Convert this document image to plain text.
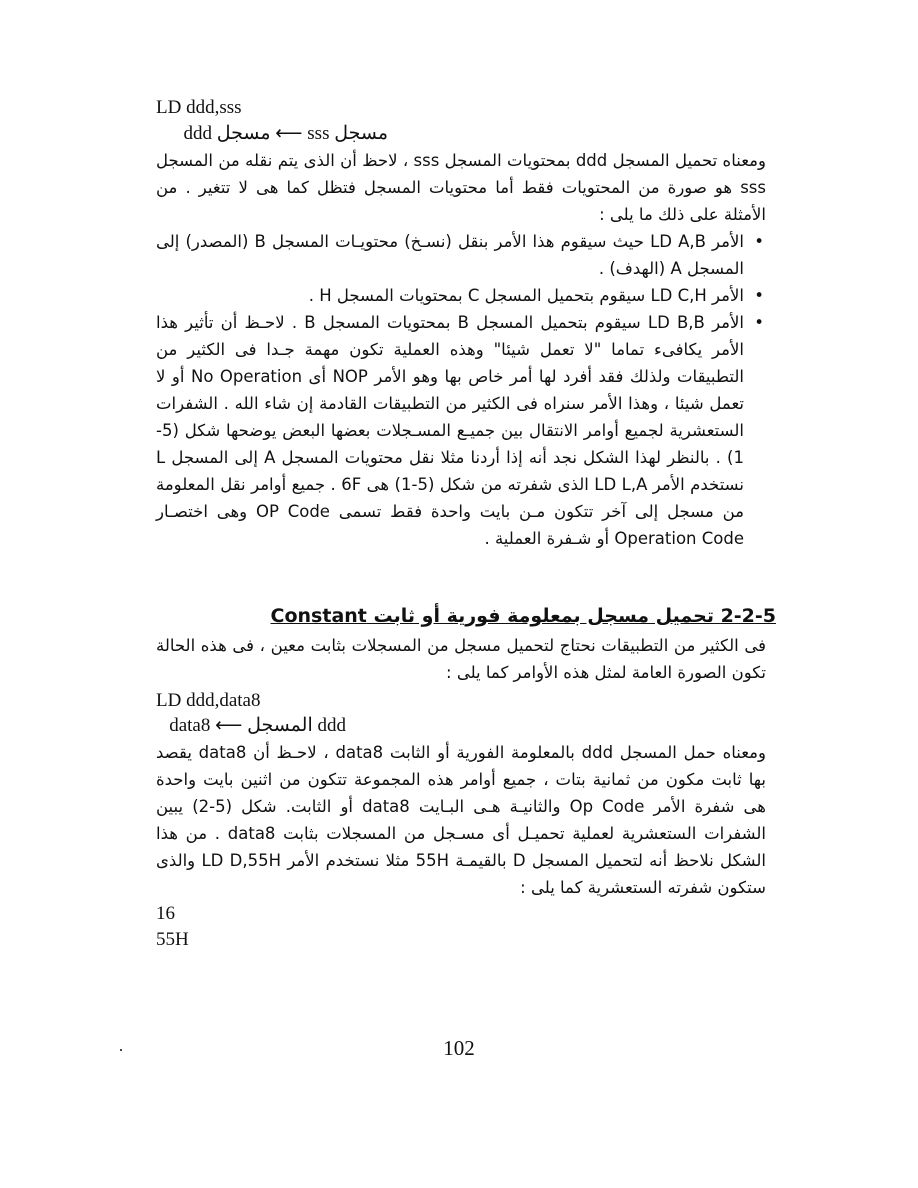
LD ddd,sss
مسجل sss ⟵ مسجل ddd

ومعناه تحميل المسجل ddd بمحتويات المسجل sss ، لاحظ أن الذى يتم نقله من المسجل sss هو صورة من المحتويات فقط أما محتويات المسجل فتظل كما هى لا تتغير . من الأمثلة على ذلك ما يلى :

• الأمر LD A,B حيث سيقوم هذا الأمر بنقل (نسـخ) محتويـات المسجل B (المصدر) إلى المسجل A (الهدف) .
• الأمر LD C,H سيقوم بتحميل المسجل C بمحتويات المسجل H .
• الأمر LD B,B سيقوم بتحميل المسجل B بمحتويات المسجل B . لاحـظ أن تأثير هذا الأمر يكافىء تماما "لا تعمل شيئا" وهذه العملية تكون مهمة جـدا فى الكثير من التطبيقات ولذلك فقد أفرد لها أمر خاص بها وهو الأمر NOP أى No Operation أو لا تعمل شيئا ، وهذا الأمر سنراه فى الكثير من التطبيقات القادمة إن شاء الله . الشفرات الستعشرية لجميع أوامر الانتقال بين جميـع المسـجلات بعضها البعض يوضحها شكل (5-1) . بالنظر لهذا الشكل نجد أنه إذا أردنا مثلا نقل محتويات المسجل A إلى المسجل L نستخدم الأمر LD L,A الذى شفرته من شكل (5-1) هى 6F . جميع أوامر نقل المعلومة من مسجل إلى آخر تتكون مـن بايت واحدة فقط تسمى OP Code وهى اختصـار Operation Code أو شـفرة العملية .
2-2-5 تحميل مسجل بمعلومة فورية أو ثابت Constant
فى الكثير من التطبيقات نحتاج لتحميل مسجل من المسجلات بثابت معين ، فى هذه الحالة تكون الصورة العامة لمثل هذه الأوامر كما يلى :
LD ddd,data8
ddd المسجل ⟵ data8
ومعناه حمل المسجل ddd بالمعلومة الفورية أو الثابت data8 ، لاحـظ أن data8 يقصد بها ثابت مكون من ثمانية بتات ، جميع أوامر هذه المجموعة تتكون من اثنين بايت واحدة هى شفرة الأمر Op Code والثانيـة هـى البـايت data8 أو الثابت. شكل (5-2) يبين الشفرات الستعشرية لعملية تحميـل أى مسـجل من المسجلات بثابت data8 . من هذا الشكل نلاحظ أنه لتحميل المسجل D بالقيمـة 55H مثلا نستخدم الأمر LD D,55H والذى ستكون شفرته الستعشرية كما يلى :
16
55H
102
